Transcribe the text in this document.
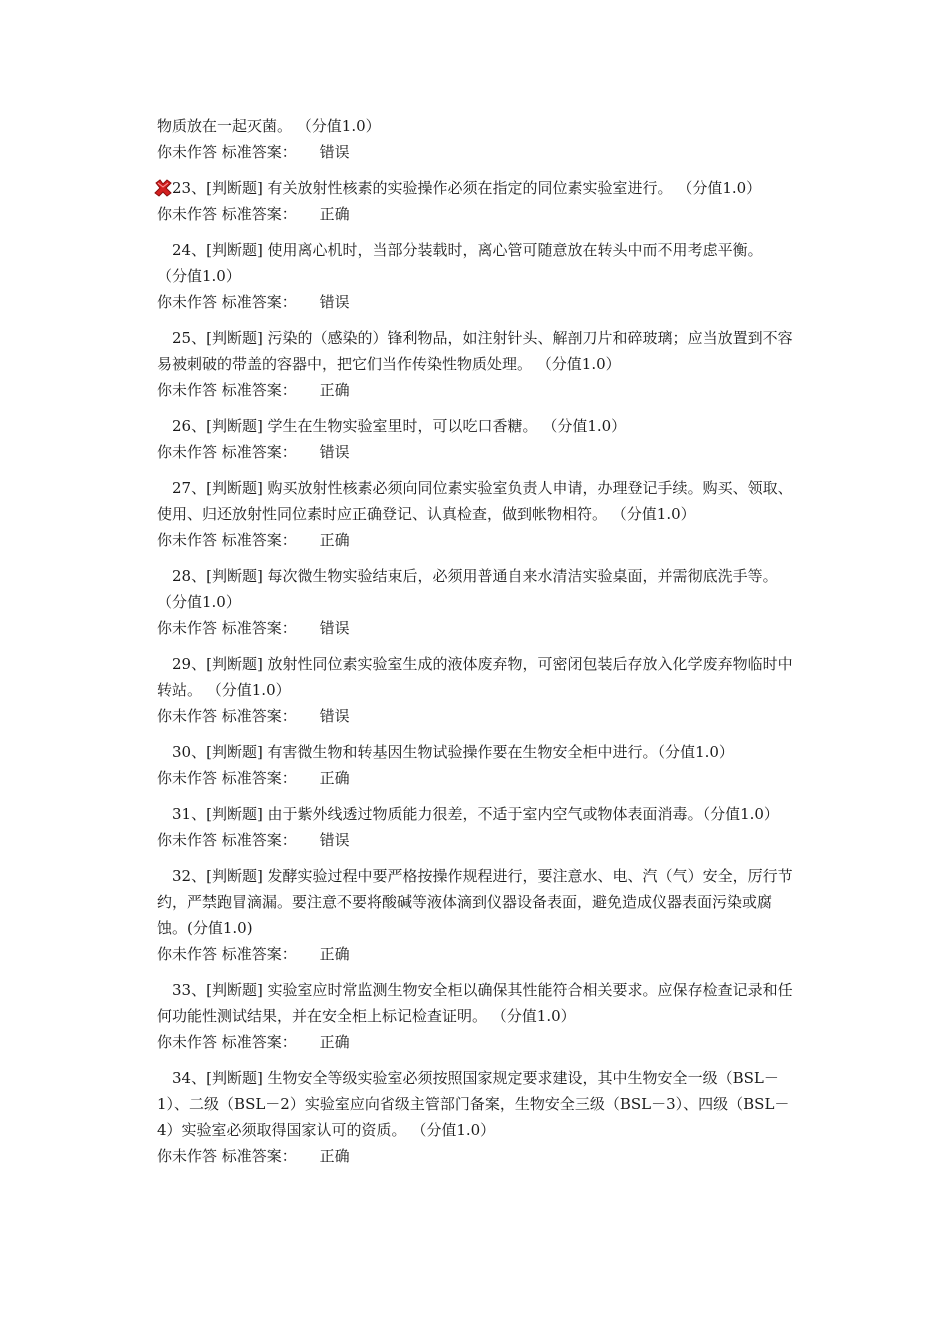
物质放在一起灭菌。 （分值1.0）

你未作答 标准答案： 错误

23、[判断题] 有关放射性核素的实验操作必须在指定的同位素实验室进行。 （分值1.0）

你未作答 标准答案： 正确

24、[判断题] 使用离心机时，当部分装载时，离心管可随意放在转头中而不用考虑平衡。 （分值1.0）

你未作答 标准答案： 错误

25、[判断题] 污染的（感染的）锋利物品，如注射针头、解剖刀片和碎玻璃；应当放置到不容易被刺破的带盖的容器中，把它们当作传染性物质处理。 （分值1.0）

你未作答 标准答案： 正确

26、[判断题] 学生在生物实验室里时，可以吃口香糖。 （分值1.0）

你未作答 标准答案： 错误

27、[判断题] 购买放射性核素必须向同位素实验室负责人申请，办理登记手续。购买、领取、使用、归还放射性同位素时应正确登记、认真检查，做到帐物相符。 （分值1.0）

你未作答 标准答案： 正确

28、[判断题] 每次微生物实验结束后，必须用普通自来水清洁实验桌面，并需彻底洗手等。 （分值1.0）

你未作答 标准答案： 错误

29、[判断题] 放射性同位素实验室生成的液体废弃物，可密闭包装后存放入化学废弃物临时中转站。 （分值1.0）

你未作答 标准答案： 错误

30、[判断题] 有害微生物和转基因生物试验操作要在生物安全柜中进行。（分值1.0）

你未作答 标准答案： 正确

31、[判断题] 由于紫外线透过物质能力很差，不适于室内空气或物体表面消毒。（分值1.0）

你未作答 标准答案： 错误

32、[判断题] 发酵实验过程中要严格按操作规程进行，要注意水、电、汽（气）安全，厉行节约，严禁跑冒滴漏。要注意不要将酸碱等液体滴到仪器设备表面，避免造成仪器表面污染或腐蚀。(分值1.0)

你未作答 标准答案： 正确

33、[判断题] 实验室应时常监测生物安全柜以确保其性能符合相关要求。应保存检查记录和任何功能性测试结果，并在安全柜上标记检查证明。 （分值1.0）

你未作答 标准答案： 正确

34、[判断题] 生物安全等级实验室必须按照国家规定要求建设，其中生物安全一级（BSL－1）、二级（BSL－2）实验室应向省级主管部门备案，生物安全三级（BSL－3）、四级（BSL－4）实验室必须取得国家认可的资质。 （分值1.0）

你未作答 标准答案： 正确
